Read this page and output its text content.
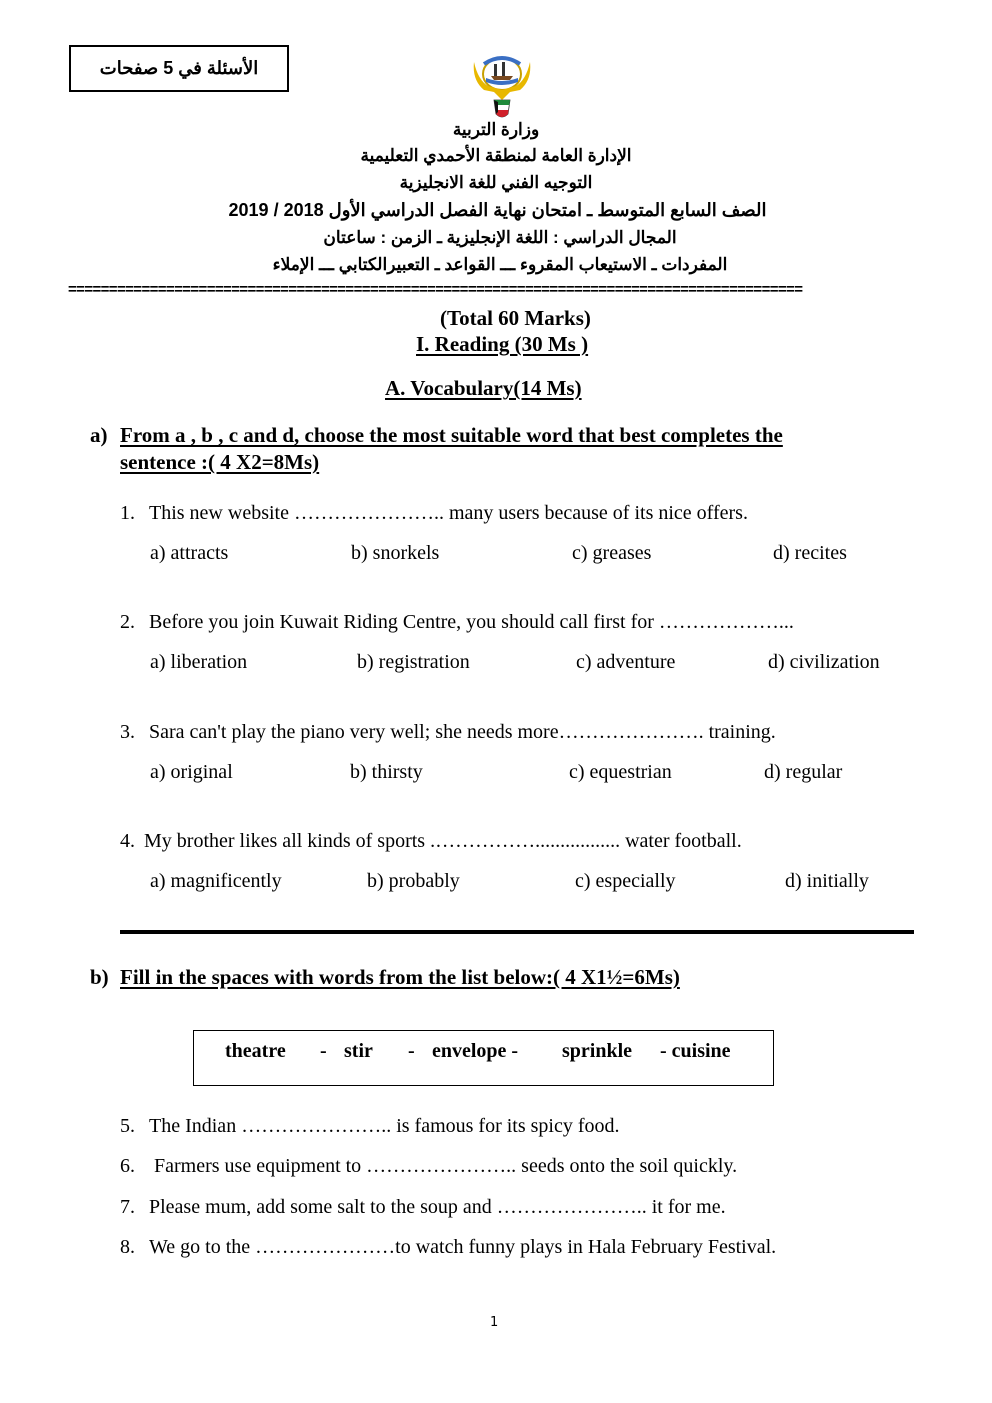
الأسئلة في 5 صفحات
وزارة التربية
الإدارة العامة لمنطقة الأحمدي التعليمية
التوجيه الفني للغة الانجليزية
الصف السابع المتوسط ـ امتحان نهاية الفصل الدراسي الأول 2018 / 2019
المجال الدراسي : اللغة الإنجليزية ـ الزمن : ساعتان
المفردات ـ الاستيعاب المقروء ـــ القواعد ـ التعبيرالكتابي ـــ الإملاء
==========================================================================================
(Total 60 Marks)
I. Reading (30 Ms )
A. Vocabulary(14 Ms)
a) From a , b , c and d, choose the most suitable word that best completes the
sentence :( 4 X2=8Ms)
1. This new website ………………….. many users because of its nice offers.
a) attracts	b) snorkels	c) greases	d) recites
2. Before you join Kuwait Riding Centre, you should call first for ………………...
a) liberation	b) registration	c) adventure	d) civilization
3. Sara can't play the piano very well; she needs more…………………. training.
a) original	b) thirsty	c) equestrian	d) regular
4. My brother likes all kinds of sports .……………................. water football.
a) magnificently	b) probably	c) especially	d) initially
b) Fill in the spaces with words from the list below:( 4 X1½=6Ms)
theatre - stir - envelope - sprinkle - cuisine
5. The Indian ………………….. is famous for its spicy food.
6. Farmers use equipment to ………………….. seeds onto the soil quickly.
7. Please mum, add some salt to the soup and ………………….. it for me.
8. We go to the …………………to watch funny plays in Hala February Festival.
1
